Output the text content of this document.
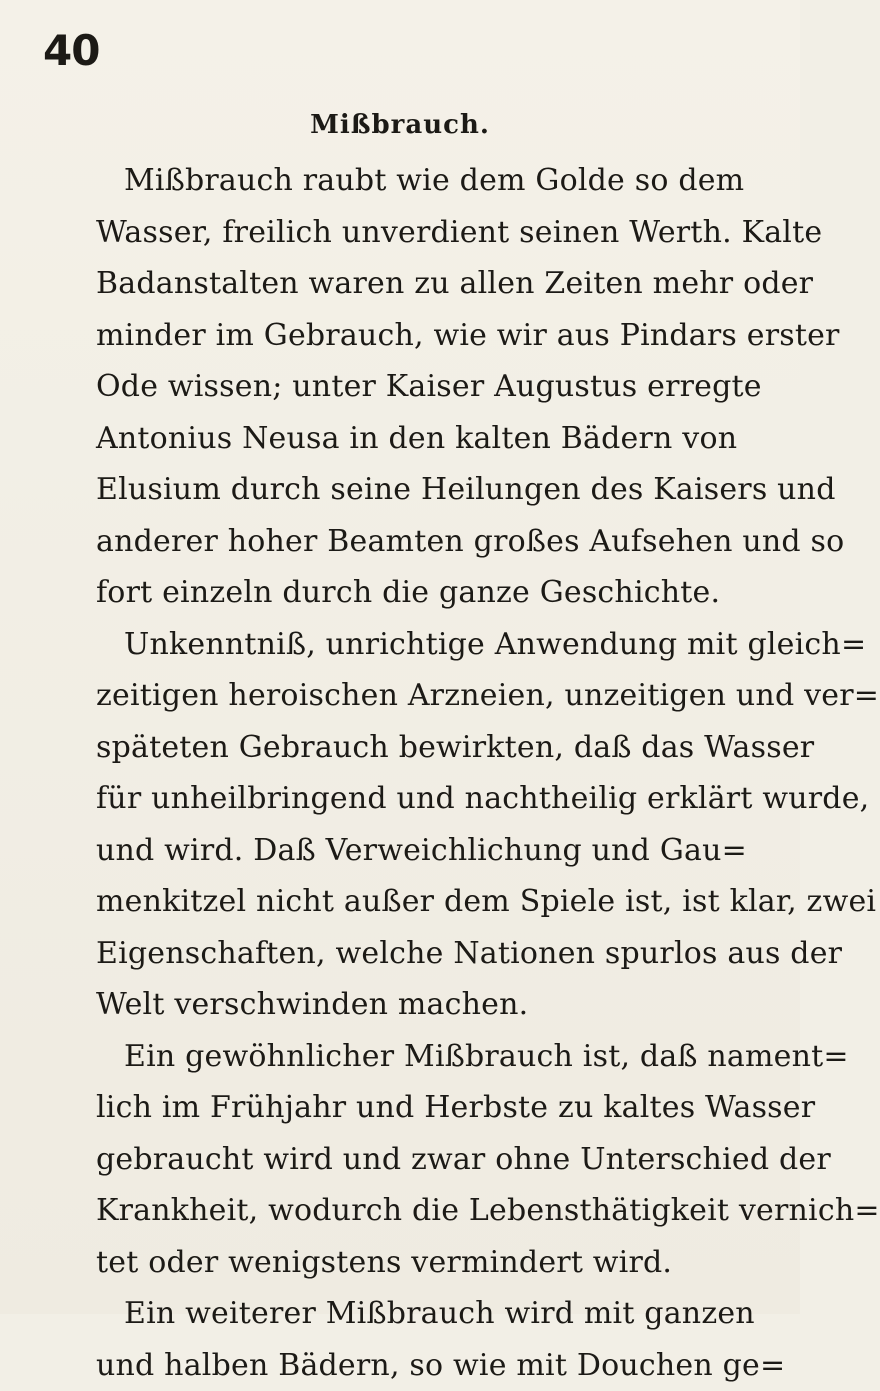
40
Mißbrauch.
Mißbrauch raubt wie dem Golde so dem
Wasser, freilich unverdient seinen Werth. Kalte
Badanstalten waren zu allen Zeiten mehr oder
minder im Gebrauch, wie wir aus Pindars erster
Ode wissen; unter Kaiser Augustus erregte
Antonius Neusa in den kalten Bädern von
Elusium durch seine Heilungen des Kaisers und
anderer hoher Beamten großes Aufsehen und so
fort einzeln durch die ganze Geschichte.
Unkenntniß, unrichtige Anwendung mit gleich=
zeitigen heroischen Arzneien, unzeitigen und ver=
späteten Gebrauch bewirkten, daß das Wasser
für unheilbringend und nachtheilig erklärt wurde,
und wird. Daß Verweichlichung und Gau=
menkitzel nicht außer dem Spiele ist, ist klar, zwei
Eigenschaften, welche Nationen spurlos aus der
Welt verschwinden machen.
Ein gewöhnlicher Mißbrauch ist, daß nament=
lich im Frühjahr und Herbste zu kaltes Wasser
gebraucht wird und zwar ohne Unterschied der
Krankheit, wodurch die Lebensthätigkeit vernich=
tet oder wenigstens vermindert wird.
Ein weiterer Mißbrauch wird mit ganzen
und halben Bädern, so wie mit Douchen ge=
